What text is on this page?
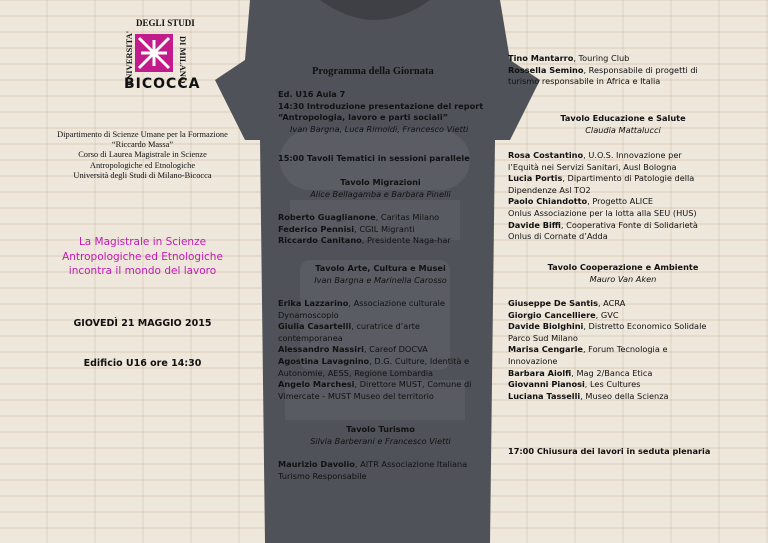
UNIVERSITA'
DEGLI STUDI
DI MILANO
BICOCCA
Dipartimento di Scienze Umane per la Formazione
“Riccardo Massa”
Corso di Laurea Magistrale in Scienze
Antropologiche ed Etnologiche
Università degli Studi di Milano-Bicocca
La Magistrale in Scienze
Antropologiche ed Etnologiche
incontra il mondo del lavoro
GIOVEDÌ 21 MAGGIO 2015
Edificio U16 ore 14:30
Programma della Giornata
Ed. U16 Aula 7
14:30 Introduzione presentazione del report
“Antropologia, lavoro e parti sociali”
Ivan Bargna, Luca Rimoldi, Francesco Vietti
15:00 Tavoli Tematici in sessioni parallele
Tavolo Migrazioni
Alice Bellagamba e Barbara Pinelli
Roberto Guaglianone, Caritas Milano
Federico Pennisi, CGIL Migranti
Riccardo Canitano, Presidente Naga-har
Tavolo Arte, Cultura e Musei
Ivan Bargna e Marinella Carosso
Erika Lazzarino, Associazione culturale
Dynamoscopio
Giulia Casartelli, curatrice d’arte
contemporanea
Alessandro Nassiri, Careof DOCVA
Agostina Lavagnino, D.G. Culture, Identità e
Autonomie, AESS, Regione Lombardia
Angelo Marchesi, Direttore MUST, Comune di
Vimercate - MUST Museo del territorio
Tavolo Turismo
Silvia Barberani e Francesco Vietti
Maurizio Davolio, AITR Associazione Italiana
Turismo Responsabile
Tino Mantarro, Touring Club
Rossella Semino, Responsabile di progetti di
turismo responsabile in Africa e Italia
Tavolo Educazione e Salute
Claudia Mattalucci
Rosa Costantino, U.O.S. Innovazione per
l’Equità nei Servizi Sanitari, Ausl Bologna
Lucia Portis, Dipartimento di Patologie della
Dipendenze Asl TO2
Paolo Chiandotto, Progetto ALICE
Onlus Associazione per la lotta alla SEU (HUS)
Davide Biffi, Cooperativa Fonte di Solidarietà
Onlus di Cornate d’Adda
Tavolo Cooperazione e Ambiente
Mauro Van Aken
Giuseppe De Santis, ACRA
Giorgio Cancelliere, GVC
Davide Biolghini, Distretto Economico Solidale
Parco Sud Milano
Marisa Cengarle, Forum Tecnologia e
Innovazione
Barbara Aiolfi, Mag 2/Banca Etica
Giovanni Pianosi, Les Cultures
Luciana Tasselli, Museo della Scienza
17:00 Chiusura dei lavori in seduta plenaria
